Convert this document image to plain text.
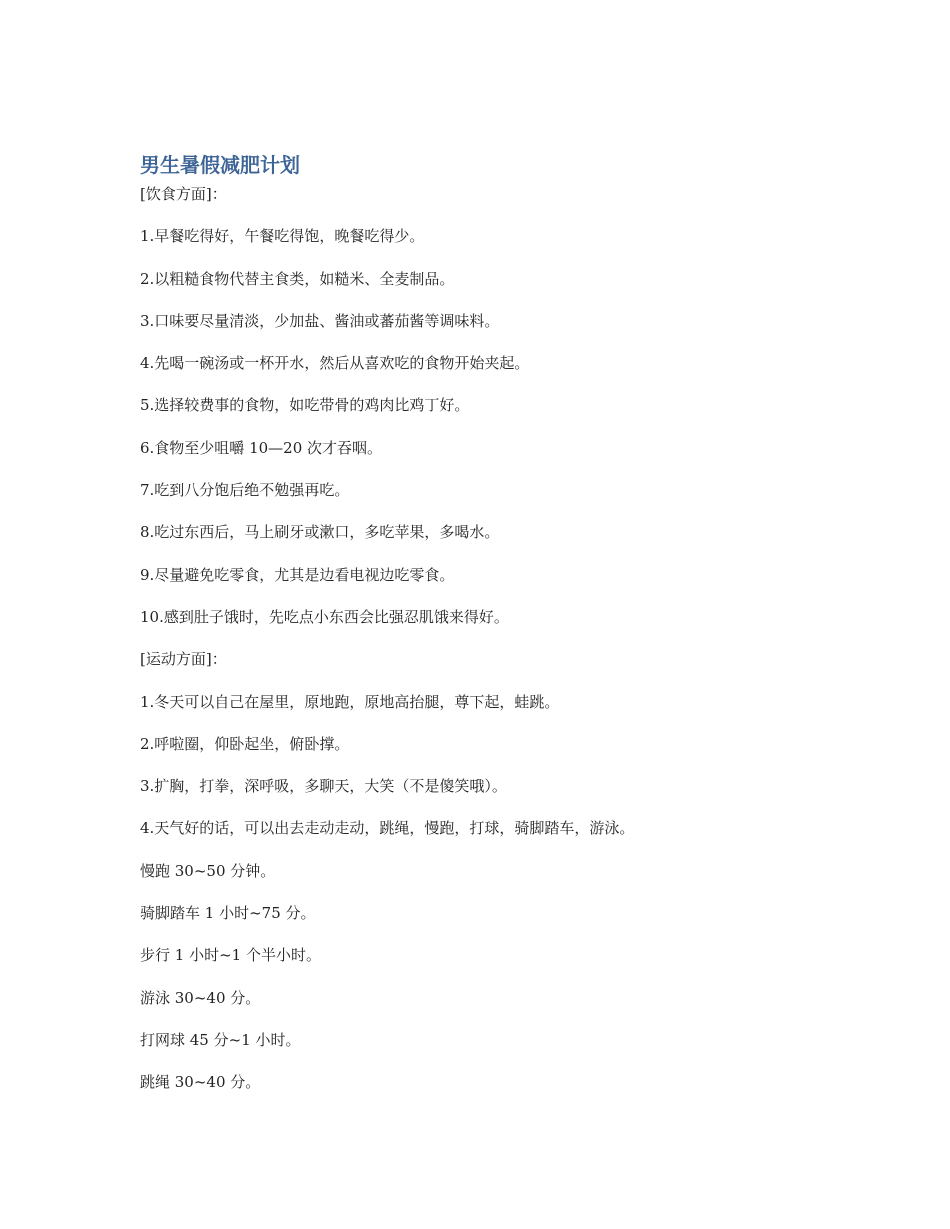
男生暑假减肥计划

[饮食方面]：

1.早餐吃得好，午餐吃得饱，晚餐吃得少。

2.以粗糙食物代替主食类，如糙米、全麦制品。

3.口味要尽量清淡，少加盐、酱油或蕃茄酱等调味料。

4.先喝一碗汤或一杯开水，然后从喜欢吃的食物开始夹起。

5.选择较费事的食物，如吃带骨的鸡肉比鸡丁好。

6.食物至少咀嚼 10—20 次才吞咽。

7.吃到八分饱后绝不勉强再吃。

8.吃过东西后，马上刷牙或漱口，多吃苹果，多喝水。

9.尽量避免吃零食，尤其是边看电视边吃零食。

10.感到肚子饿时，先吃点小东西会比强忍肌饿来得好。

[运动方面]：

1.冬天可以自己在屋里，原地跑，原地高抬腿，尊下起，蛙跳。

2.呼啦圈，仰卧起坐，俯卧撑。

3.扩胸，打拳，深呼吸，多聊天，大笑（不是傻笑哦）。

4.天气好的话，可以出去走动走动，跳绳，慢跑，打球，骑脚踏车，游泳。

慢跑 30~50 分钟。

骑脚踏车 1 小时~75 分。

步行 1 小时~1 个半小时。

游泳 30~40 分。

打网球 45 分~1 小时。

跳绳 30~40 分。
